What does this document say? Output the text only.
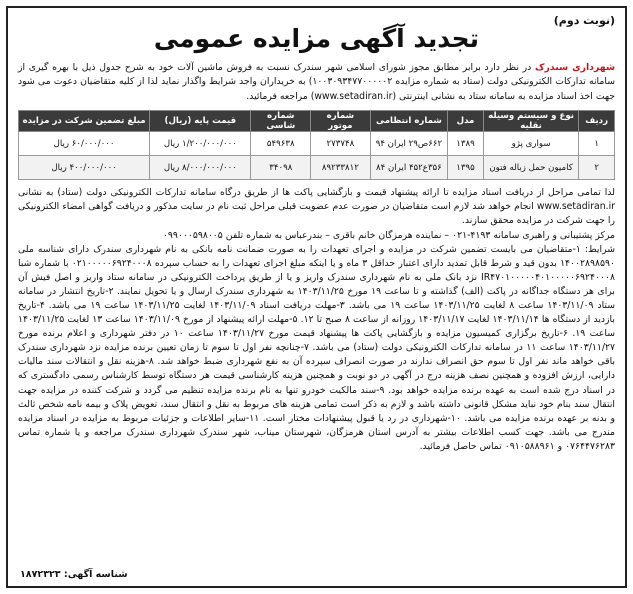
(نوبت دوم)
تجدید آگهی مزایده عمومی

شهرداری سندرک در نظر دارد برابر مطابق مجوز شورای اسلامی شهر سندرک نسبت به فروش ماشین آلات خود به شرح جدول ذیل با بهره گیری از سامانه تدارکات الکترونیکی دولت (ستاد به شماره مزایده ۱۰۰۳۰۹۳۴۷۷۰۰۰۰۰۲) به خریداران واجد شرایط واگذار نماید لذا از کلیه متقاضیان دعوت می شود جهت اخذ اسناد مزایده به سامانه ستاد به نشانی اینترنتی (www.setadiran.ir) مراجعه فرمائید.

ردیف	نوع و سیستم وسیله نقلیه	مدل	شماره انتظامی	شماره موتور	شماره شاسی	قیمت پایه (ریال)	مبلغ تضمین شرکت در مزایده
۱	سواری پژو	۱۳۸۹	۶۶۲ص۲۹ ایران ۹۴	۲۷۳۷۴۸	۵۴۹۶۳۸	۱/۲۰۰/۰۰۰/۰۰۰ ریال	۶۰/۰۰۰/۰۰۰ ریال
۲	کامیون حمل زباله فتون	۱۳۹۵	۳۵۶ع۴۵۲ ایران ۸۴	۸۹۲۳۳۸۱۲	۳۴۰۹۸	۸/۰۰۰/۰۰۰/۰۰۰ ریال	۴۰۰/۰۰۰/۰۰۰ ریال

لذا تمامی مراحل از دریافت اسناد مزایده تا ارائه پیشنهاد قیمت و بازگشایی پاکت ها از طریق درگاه سامانه تدارکات الکترونیکی دولت (ستاد) به نشانی www.setadiran.ir انجام خواهد شد لازم است متقاضیان در صورت عدم عضویت قبلی مراحل ثبت نام در سایت مذکور و دریافت گواهی امضاء الکترونیکی را جهت شرکت در مزایده محقق سازند.

مرکز پشتیبانی و راهبری سامانه ۴۱۹۳-۰۲۱ – نماینده هرمزگان خانم باقری – بندرعباس به شماره تلفن ۰۹۹۰۰۰۵۹۸۰۰۵

شرایط: ۱-متقاضیان می بایست تضمین شرکت در مزایده و اجرای تعهدات را به صورت ضمانت نامه بانکی به نام شهرداری سندرک دارای شناسه ملی ۱۴۰۰۲۸۹۸۵۹۰ بدون قید و شرط قابل تمدید دارای اعتبار حداقل ۳ ماه و یا اینکه مبلغ اجرای تعهدات را به حساب سپرده ۰۲۱۰۰۰۰۰۶۹۲۴۰۰۰۸ با شماره شبا IR۴۷۰۱۰۰۰۰۰۴۰۱۰۰۰۰۰۶۹۲۴۰۰۰۸ نزد بانک ملی به نام شهرداری سندرک واریز و یا از طریق پرداخت الکترونیکی در سامانه ستاد واریز و اصل فیش آن برای هر دستگاه جداگانه در پاکت (الف) گذاشته و تا ساعت ۱۹ مورخ ۱۴۰۳/۱۱/۲۵ به شهرداری سندرک ارسال و یا تحویل نمایند. ۲-تاریخ انتشار در سامانه ستاد ۱۴۰۳/۱۱/۰۹ ساعت ۸ لغایت ۱۴۰۳/۱۱/۲۵ ساعت ۱۹ می باشد. ۳-مهلت دریافت اسناد ۱۴۰۳/۱۱/۰۹ لغایت ۱۴۰۳/۱۱/۲۵ ساعت ۱۹ می باشد. ۴-تاریخ بازدید از دستگاه ها ۱۴۰۳/۱۱/۱۴ لغایت ۱۴۰۳/۱۱/۱۷ روزانه از ساعت ۸ صبح تا ۱۲. ۵-مهلت ارائه پیشنهاد از مورخ ۱۴۰۳/۱۱/۰۹ ساعت ۱۳ لغایت ۱۴۰۳/۱۱/۲۵ ساعت ۱۹. ۶-تاریخ برگزاری کمیسیون مزایده و بازگشایی پاکت ها پیشنهاد قیمت مورخ ۱۴۰۳/۱۱/۲۷ ساعت ۱۰ در دفتر شهرداری و اعلام برنده مورخ ۱۴۰۳/۱۱/۲۷ ساعت ۱۱ در سامانه تدارکات الکترونیکی دولت (ستاد) می باشد. ۷-چنانچه نفر اول تا سوم تا زمان تعیین برنده مزایده نزد شهرداری سندرک باقی خواهد ماند نفر اول تا سوم حق انصراف ندارند در صورت انصراف سپرده آن به نفع شهرداری ضبط خواهد شد. ۸-هزینه نقل و انتقالات سند مالیات دارایی، ارزش افزوده و همچنین نصف هزینه درج در آگهی در دو نوبت و همچنین هزینه کارشناسی قیمت هر دستگاه توسط کارشناس رسمی دادگستری که در اسناد درج شده است به عهده برنده مزایده خواهد بود. ۹-سند مالکیت خودرو تنها به نام برنده مزایده تنظیم می گردد و شرکت کننده در مزایده جهت انتقال سند بنام خود نباید مشکل قانونی داشته باشد و لازم به ذکر است تمامی هزینه های مربوط به نقل و انتقال سند، تعویض پلاک و بیمه نامه شخص ثالث و بدنه بر عهده برنده مزایده می باشد. ۱۰-شهرداری در رد یا قبول پیشنهادات مختار است. ۱۱-سایر اطلاعات و جزئیات مربوط به مزایده در اسناد مزایده مندرج می باشد. جهت کسب اطلاعات بیشتر به آدرس استان هرمزگان، شهرستان میناب، شهر سندرک شهرداری سندرک مراجعه و یا شماره تماس ۰۷۶۴۴۷۶۲۸۳ و ۰۹۱۰۵۸۸۹۶۱ تماس حاصل فرمائید.

شناسه آگهی: ۱۸۷۲۳۲۳
